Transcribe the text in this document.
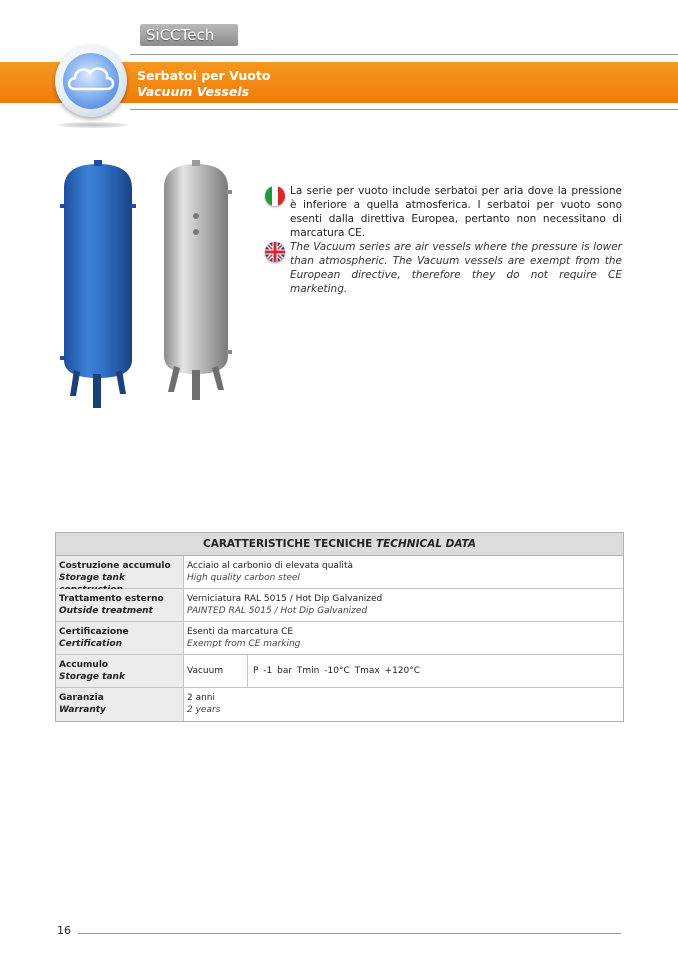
SiCCTech
Serbatoi per Vuoto
Vacuum Vessels
La serie per vuoto include serbatoi per aria dove la pressione è inferiore a quella atmosferica. I serbatoi per vuoto sono esenti dalla direttiva Europea, pertanto non necessitano di marcatura CE.
The Vacuum series are air vessels where the pressure is lower than atmospheric. The Vacuum vessels are exempt from the European directive, therefore they do not require CE marketing.
CARATTERISTICHE TECNICHE TECHNICAL DATA
Costruzione accumulo
Storage tank
Acciaio al carbonio di elevata qualità
High quality carbon steel
Trattamento esterno
Outside treatment
Verniciatura RAL 5015 / Hot Dip Galvanized
PAINTED RAL 5015 / Hot Dip Galvanized
Certificazione
Certification
Esenti da marcatura CE
Exempt from CE marking
Accumulo
Storage tank
Vacuum	P -1 bar Tmin -10°C Tmax +120°C
Garanzia
Warranty
2 anni
2 years
16
